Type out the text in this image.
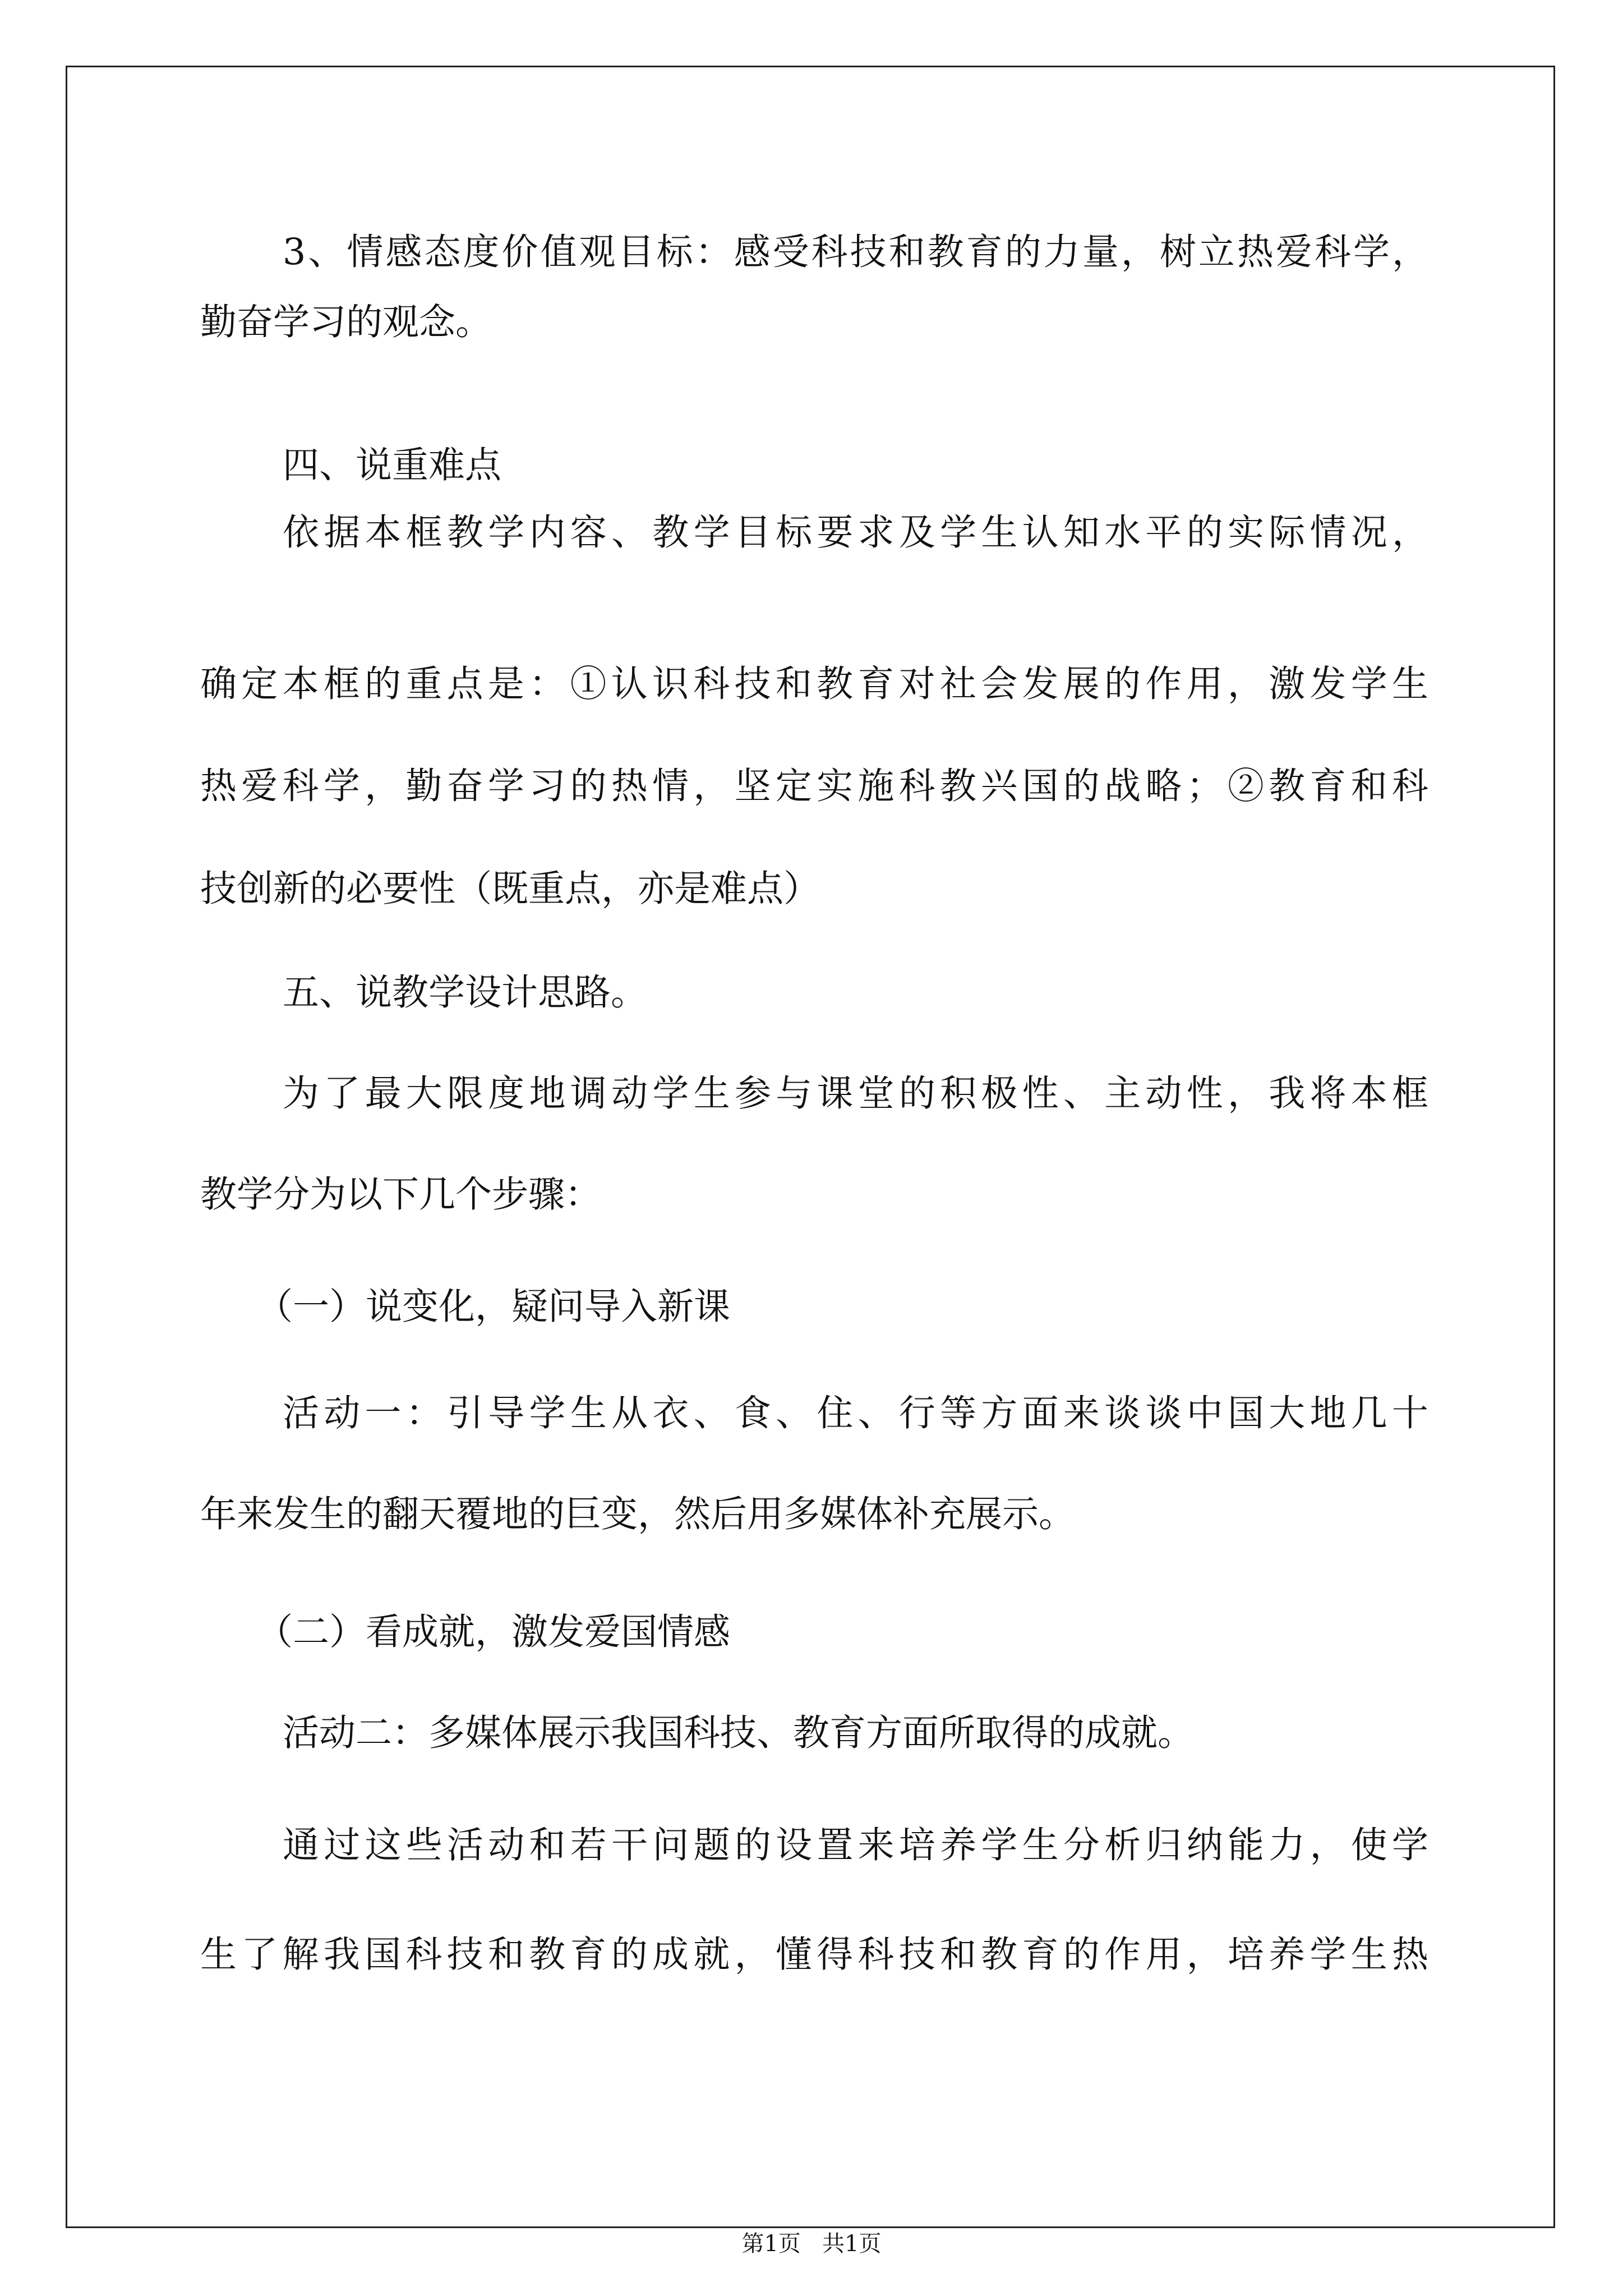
3、情感态度价值观目标：感受科技和教育的力量，树立热爱科学，
勤奋学习的观念。
四、说重难点
依据本框教学内容、教学目标要求及学生认知水平的实际情况，
确定本框的重点是：①认识科技和教育对社会发展的作用，激发学生
热爱科学，勤奋学习的热情，坚定实施科教兴国的战略；②教育和科
技创新的必要性（既重点，亦是难点）
五、说教学设计思路。
为了最大限度地调动学生参与课堂的积极性、主动性，我将本框
教学分为以下几个步骤：
（一）说变化，疑问导入新课
活动一：引导学生从衣、食、住、行等方面来谈谈中国大地几十
年来发生的翻天覆地的巨变，然后用多媒体补充展示。
（二）看成就，激发爱国情感
活动二：多媒体展示我国科技、教育方面所取得的成就。
通过这些活动和若干问题的设置来培养学生分析归纳能力，使学
生了解我国科技和教育的成就，懂得科技和教育的作用，培养学生热
第1页   共1页
